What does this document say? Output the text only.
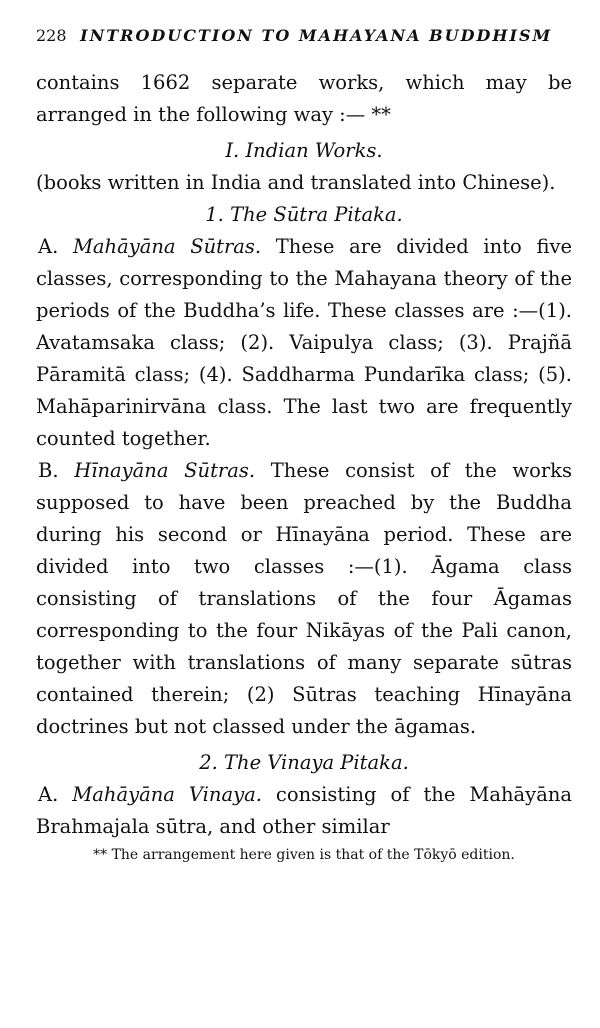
228 INTRODUCTION TO MAHAYANA BUDDHISM

contains 1662 separate works, which may be arranged in the following way :— **

I. Indian Works.

(books written in India and translated into Chinese).

1. The Sūtra Pitaka.

A. Mahāyāna Sūtras. These are divided into five classes, corresponding to the Mahayana theory of the periods of the Buddha’s life. These classes are :—(1). Avatamsaka class; (2). Vaipulya class; (3). Prajñā Pāramitā class; (4). Saddharma Pundarīka class; (5). Mahāparinirvāna class. The last two are frequently counted together.

B. Hīnayāna Sūtras. These consist of the works supposed to have been preached by the Buddha during his second or Hīnayāna period. These are divided into two classes :—(1). Āgama class consisting of translations of the four Āgamas corresponding to the four Nikāyas of the Pali canon, together with translations of many separate sūtras contained therein; (2) Sūtras teaching Hīnayāna doctrines but not classed under the āgamas.

2. The Vinaya Pitaka.

A. Mahāyāna Vinaya. consisting of the Mahāyāna Brahmajala sūtra, and other similar

** The arrangement here given is that of the Tōkyō edition.
